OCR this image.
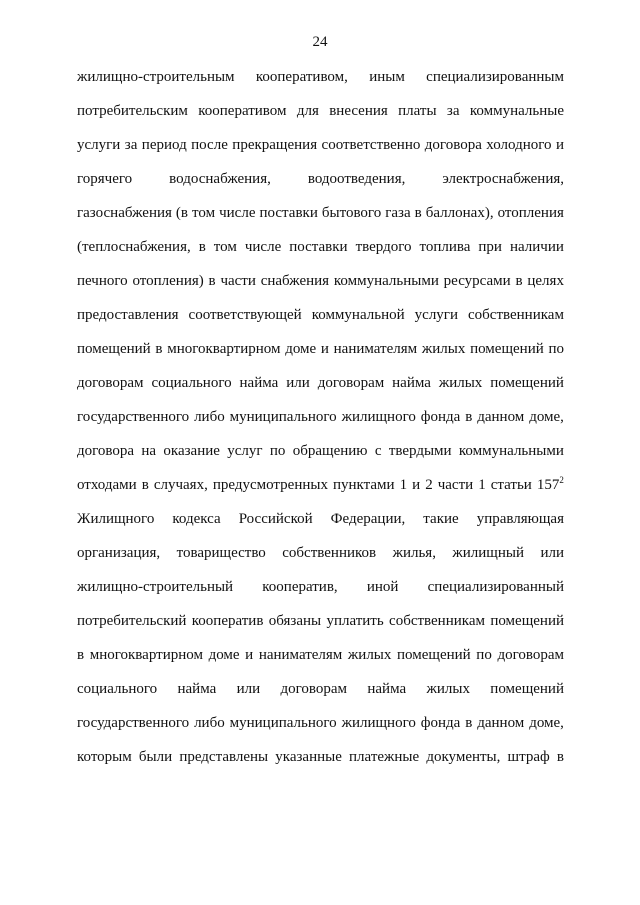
24
жилищно-строительным кооперативом, иным специализированным
потребительским кооперативом для внесения платы за коммунальные
услуги за период после прекращения соответственно договора холодного и
горячего водоснабжения, водоотведения, электроснабжения,
газоснабжения (в том числе поставки бытового газа в баллонах), отопления
(теплоснабжения, в том числе поставки твердого топлива при наличии
печного отопления) в части снабжения коммунальными ресурсами в целях
предоставления соответствующей коммунальной услуги собственникам
помещений в многоквартирном доме и нанимателям жилых помещений по
договорам социального найма или договорам найма жилых помещений
государственного либо муниципального жилищного фонда в данном доме,
договора на оказание услуг по обращению с твердыми коммунальными
отходами в случаях, предусмотренных пунктами 1 и 2 части 1 статьи $157^2$
Жилищного кодекса Российской Федерации, такие управляющая
организация, товарищество собственников жилья, жилищный или
жилищно-строительный кооператив, иной специализированный
потребительский кооператив обязаны уплатить собственникам помещений
в многоквартирном доме и нанимателям жилых помещений по договорам
социального найма или договорам найма жилых помещений
государственного либо муниципального жилищного фонда в данном доме,
которым были представлены указанные платежные документы, штраф в
